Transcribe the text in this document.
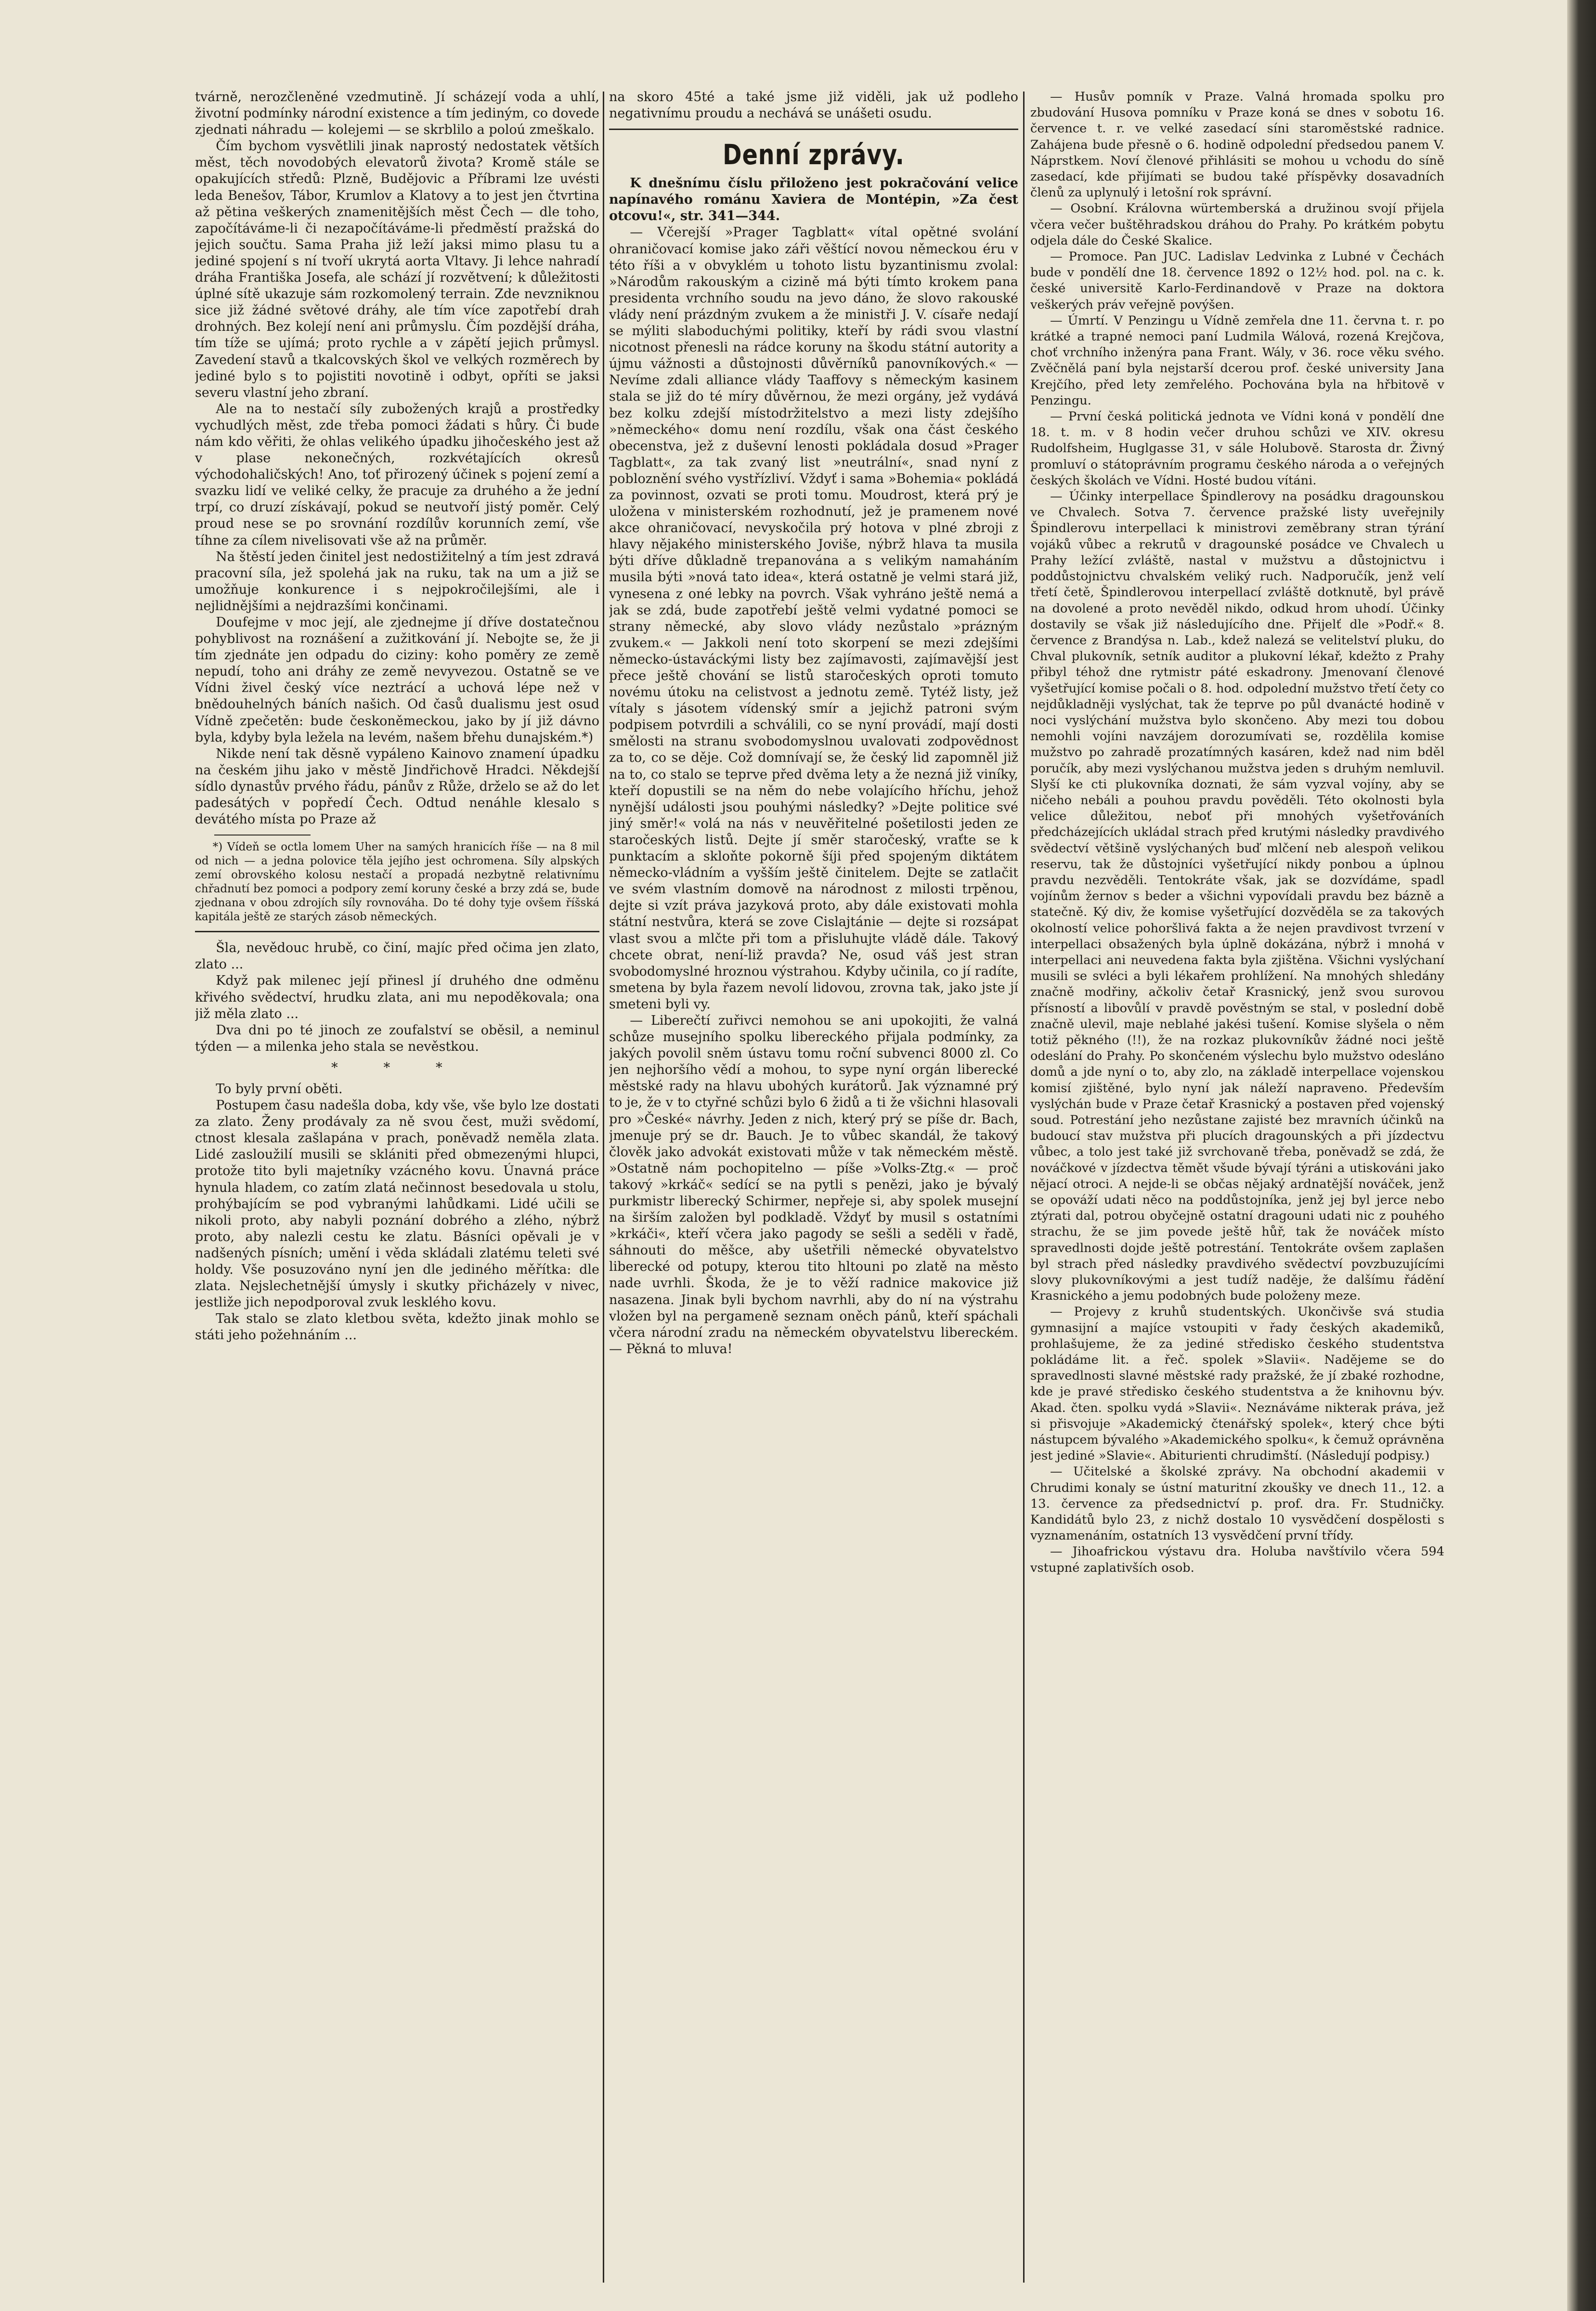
tvárně, nerozčleněné vzedmutině. Jí scházejí voda a uhlí, životní podmínky národní existence a tím jediným, co dovede zjednati náhradu — kolejemi — se skrblilo a poloú zmeškalo.

Čím bychom vysvětlili jinak naprostý nedostatek větších měst, těch novodobých elevatorů života? Kromě stále se opakujících středů: Plzně, Budějovic a Příbrami lze uvésti leda Benešov, Tábor, Krumlov a Klatovy a to jest jen čtvrtina až pětina veškerých znamenitějších měst Čech — dle toho, započítáváme-li či nezapočítáváme-li předměstí pražská do jejich součtu. Sama Praha již leží jaksi mimo plasu tu a jediné spojení s ní tvoří ukrytá aorta Vltavy. Ji lehce nahradí dráha Františka Josefa, ale schází jí rozvětvení; k důležitosti úplné sítě ukazuje sám rozkomolený terrain. Zde nevzniknou sice již žádné světové dráhy, ale tím více zapotřebí drah drohných. Bez kolejí není ani průmyslu. Čím pozdější dráha, tím tíže se ujímá; proto rychle a v zápětí jejich průmysl. Zavedení stavů a tkalcovských škol ve velkých rozměrech by jediné bylo s to pojistiti novotině i odbyt, opříti se jaksi severu vlastní jeho zbraní.

Ale na to nestačí síly zubožených krajů a prostředky vychudlých měst, zde třeba pomoci žádati s hůry. Či bude nám kdo věřiti, že ohlas velikého úpadku jihočeského jest až v plase nekonečných, rozkvétajících okresů východohaličských! Ano, toť přirozený účinek s pojení zemí a svazku lidí ve veliké celky, že pracuje za druhého a že jední trpí, co druzí získávají, pokud se neutvoří jistý poměr. Celý proud nese se po srovnání rozdílův korunních zemí, vše tíhne za cílem nivelisovati vše až na průměr.

Na štěstí jeden činitel jest nedostižitelný a tím jest zdravá pracovní síla, jež spolehá jak na ruku, tak na um a již se umožňuje konkurence i s nejpokročilejšími, ale i nejlidnějšími a nejdrazšími končinami.

Doufejme v moc její, ale zjednejme jí dříve dostatečnou pohyblivost na roznášení a zužitkování jí. Nebojte se, že ji tím zjednáte jen odpadu do ciziny: koho poměry ze země nepudí, toho ani dráhy ze země nevyvezou. Ostatně se ve Vídni živel český více neztrácí a uchová lépe než v bnědouhelných báních našich. Od časů dualismu jest osud Vídně zpečetěn: bude českoněmeckou, jako by jí již dávno byla, kdyby byla ležela na levém, našem břehu dunajském.*)

Nikde není tak děsně vypáleno Kainovo znamení úpadku na českém jihu jako v městě Jindřichově Hradci. Někdejší sídlo dynastův prvého řádu, pánův z Růže, drželo se až do let padesátých v popředí Čech. Odtud nenáhle klesalo s devátého místa po Praze až

*) Vídeň se octla lomem Uher na samých hranicích říše — na 8 mil od nich — a jedna polovice těla jejího jest ochromena. Síly alpských zemí obrovského kolosu nestačí a propadá nezbytně relativnímu chřadnutí bez pomoci a podpory zemí koruny české a brzy zdá se, bude zjednana v obou zdrojích síly rovnováha. Do té dohy tyje ovšem říšská kapitála ještě ze starých zásob německých.

Šla, nevědouc hrubě, co činí, majíc před očima jen zlato, zlato ...

Když pak milenec její přinesl jí druhého dne odměnu křivého svědectví, hrudku zlata, ani mu nepoděkovala; ona již měla zlato ...

Dva dni po té jinoch ze zoufalství se oběsil, a neminul týden — a milenka jeho stala se nevěstkou.

* * *

To byly první oběti.

Postupem času nadešla doba, kdy vše, vše bylo lze dostati za zlato. Ženy prodávaly za ně svou čest, muži svědomí, ctnost klesala zašlapána v prach, poněvadž neměla zlata. Lidé zasloužilí musili se sklániti před obmezenými hlupci, protože tito byli majetníky vzácného kovu. Únavná práce hynula hladem, co zatím zlatá nečinnost besedovala u stolu, prohýbajícím se pod vybranými lahůdkami. Lidé učili se nikoli proto, aby nabyli poznání dobrého a zlého, nýbrž proto, aby nalezli cestu ke zlatu. Básníci opěvali je v nadšených písních; umění i věda skládali zlatému teleti své holdy. Vše posuzováno nyní jen dle jediného měřítka: dle zlata. Nejslechetnější úmysly i skutky přicházely v nivec, jestliže jich nepodporoval zvuk lesklého kovu.

Tak stalo se zlato kletbou světa, kdežto jinak mohlo se státi jeho požehnáním ...

na skoro 45té a také jsme již viděli, jak už podleho negativnímu proudu a nechává se unášeti osudu.

Denní zprávy.

K dnešnímu číslu přiloženo jest pokračování velice napínavého románu Xaviera de Montépin, »Za čest otcovu!«, str. 341—344.

— Včerejší »Prager Tagblatt« vítal opětné svolání ohraničovací komise jako záři věštící novou německou éru v této říši a v obvyklém u tohoto listu byzantinismu zvolal: »Národům rakouským a cizině má býti tímto krokem pana presidenta vrchního soudu na jevo dáno, že slovo rakouské vlády není prázdným zvukem a že ministři J. V. císaře nedají se mýliti slaboduchými politiky, kteří by rádi svou vlastní nicotnost přenesli na rádce koruny na škodu státní autority a újmu vážnosti a důstojnosti důvěrníků panovníkových.« — Nevíme zdali alliance vlády Taaffovy s německým kasinem stala se již do té míry důvěrnou, že mezi orgány, jež vydává bez kolku zdejší místodržitelstvo a mezi listy zdejšího »německého« domu není rozdílu, však ona část českého obecenstva, jež z duševní lenosti pokládala dosud »Prager Tagblatt«, za tak zvaný list »neutrální«, snad nyní z pobloznění svého vystřízliví. Vždyť i sama »Bohemia« pokládá za povinnost, ozvati se proti tomu. Moudrost, která prý je uložena v ministerském rozhodnutí, jež je pramenem nové akce ohraničovací, nevyskočila prý hotova v plné zbroji z hlavy nějakého ministerského Joviše, nýbrž hlava ta musila býti dříve důkladně trepanována a s velikým namaháním musila býti »nová tato idea«, která ostatně je velmi stará již, vynesena z oné lebky na povrch. Však vyhráno ještě nemá a jak se zdá, bude zapotřebí ještě velmi vydatné pomoci se strany německé, aby slovo vlády nezůstalo »prázným zvukem.« — Jakkoli není toto skorpení se mezi zdejšími německo-ústaváckými listy bez zajímavosti, zajímavější jest přece ještě chování se listů staročeských oproti tomuto novému útoku na celistvost a jednotu země. Tytéž listy, jež vítaly s jásotem vídenský smír a jejichž patroni svým podpisem potvrdili a schválili, co se nyní provádí, mají dosti smělosti na stranu svobodomyslnou uvalovati zodpovědnost za to, co se děje. Což domnívají se, že český lid zapomněl již na to, co stalo se teprve před dvěma lety a že nezná již viníky, kteří dopustili se na něm do nebe volajícího hříchu, jehož nynější události jsou pouhými následky? »Dejte politice své jiný směr!« volá na nás v neuvěřitelné pošetilosti jeden ze staročeských listů. Dejte jí směr staročeský, vraťte se k punktacím a skloňte pokorně šíji před spojeným diktátem německo-vládním a vyšším ještě činitelem. Dejte se zatlačit ve svém vlastním domově na národnost z milosti trpěnou, dejte si vzít práva jazyková proto, aby dále existovati mohla státní nestvůra, která se zove Cislajtánie — dejte si rozsápat vlast svou a mlčte při tom a přisluhujte vládě dále. Takový chcete obrat, není-liž pravda? Ne, osud váš jest stran svobodomyslné hroznou výstrahou. Kdyby učinila, co jí radíte, smetena by byla řazem nevolí lidovou, zrovna tak, jako jste jí smeteni byli vy.

— Liberečtí zuřivci nemohou se ani upokojiti, že valná schůze musejního spolku libereckého přijala podmínky, za jakých povolil sněm ústavu tomu roční subvenci 8000 zl. Co jen nejhoršího vědí a mohou, to sype nyní orgán liberecké městské rady na hlavu ubohých kurátorů. Jak významné prý to je, že v to ctyřné schůzi bylo 6 židů a ti že všichni hlasovali pro »České« návrhy. Jeden z nich, který prý se píše dr. Bach, jmenuje prý se dr. Bauch. Je to vůbec skandál, že takový člověk jako advokát existovati může v tak německém městě. »Ostatně nám pochopitelno — píše »Volks-Ztg.« — proč takový »krkáč« sedící se na pytli s penězi, jako je bývalý purkmistr liberecký Schirmer, nepřeje si, aby spolek musejní na širším založen byl podkladě. Vždyť by musil s ostatními »krkáči«, kteří včera jako pagody se sešli a seděli v řadě, sáhnouti do měšce, aby ušetřili německé obyvatelstvo liberecké od potupy, kterou tito hltouni po zlatě na město nade uvrhli. Škoda, že je to věží radnice makovice již nasazena. Jinak byli bychom navrhli, aby do ní na výstrahu vložen byl na pergameně seznam oněch pánů, kteří spáchali včera národní zradu na německém obyvatelstvu libereckém. — Pěkná to mluva!

— Husův pomník v Praze. Valná hromada spolku pro zbudování Husova pomníku v Praze koná se dnes v sobotu 16. července t. r. ve velké zasedací síni staroměstské radnice. Zahájena bude přesně o 6. hodině odpolední předsedou panem V. Náprstkem. Noví členové přihlásiti se mohou u vchodu do síně zasedací, kde přijímati se budou také příspěvky dosavadních členů za uplynulý i letošní rok správní.

— Osobní. Královna würtemberská a družinou svojí přijela včera večer buštěhradskou dráhou do Prahy. Po krátkém pobytu odjela dále do České Skalice.

— Promoce. Pan JUC. Ladislav Ledvinka z Lubné v Čechách bude v pondělí dne 18. července 1892 o 12½ hod. pol. na c. k. české universitě Karlo-Ferdinandově v Praze na doktora veškerých práv veřejně povýšen.

— Úmrtí. V Penzingu u Vídně zemřela dne 11. června t. r. po krátké a trapné nemoci paní Ludmila Wálová, rozená Krejčova, choť vrchního inženýra pana Frant. Wály, v 36. roce věku svého. Zvěčnělá paní byla nejstarší dcerou prof. české university Jana Krejčího, před lety zemřelého. Pochována byla na hřbitově v Penzingu.

— První česká politická jednota ve Vídni koná v pondělí dne 18. t. m. v 8 hodin večer druhou schůzi ve XIV. okresu Rudolfsheim, Huglgasse 31, v sále Holubově. Starosta dr. Živný promluví o státoprávním programu českého národa a o veřejných českých školách ve Vídni. Hosté budou vítáni.

— Účinky interpellace Špindlerovy na posádku dragounskou ve Chvalech. Sotva 7. července pražské listy uveřejnily Špindlerovu interpellaci k ministrovi zeměbrany stran týrání vojáků vůbec a rekrutů v dragounské posádce ve Chvalech u Prahy ležící zvláště, nastal v mužstvu a důstojnictvu i poddůstojnictvu chvalském veliký ruch. Nadporučík, jenž velí třetí četě, Špindlerovou interpellací zvláště dotknutě, byl právě na dovolené a proto nevěděl nikdo, odkud hrom uhodí. Účinky dostavily se však již následujícího dne. Přijelť dle »Podř.« 8. července z Brandýsa n. Lab., kdež nalezá se velitelství pluku, do Chval plukovník, setník auditor a plukovní lékař, kdežto z Prahy přibyl téhož dne rytmistr páté eskadrony. Jmenovaní členové vyšetřující komise počali o 8. hod. odpolední mužstvo třetí čety co nejdůkladněji vyslýchat, tak že teprve po půl dvanácté hodině v noci vyslýchání mužstva bylo skončeno. Aby mezi tou dobou nemohli vojíni navzájem dorozumívati se, rozdělila komise mužstvo po zahradě prozatímných kasáren, kdež nad nim bděl poručík, aby mezi vyslýchanou mužstva jeden s druhým nemluvil. Slyší ke cti plukovníka doznati, že sám vyzval vojíny, aby se ničeho nebáli a pouhou pravdu pověděli. Této okolnosti byla velice důležitou, neboť při mnohých vyšetřováních předcházejících ukládal strach před krutými následky pravdivého svědectví většině vyslýchaných buď mlčení neb alespoň velikou reservu, tak že důstojníci vyšetřující nikdy ponbou a úplnou pravdu nezvěděli. Tentokráte však, jak se dozvídáme, spadl vojínům žernov s beder a všichni vypovídali pravdu bez bázně a statečně. Ký div, že komise vyšetřující dozvěděla se za takových okolností velice pohoršlivá fakta a že nejen pravdivost tvrzení v interpellaci obsažených byla úplně dokázána, nýbrž i mnohá v interpellaci ani neuvedena fakta byla zjištěna. Všichni vyslýchaní musili se svléci a byli lékařem prohlížení. Na mnohých shledány značně modřiny, ačkoliv četař Krasnický, jenž svou surovou přísností a libovůlí v pravdě pověstným se stal, v poslední době značně ulevil, maje neblahé jakési tušení. Komise slyšela o něm totiž pěkného (!!), že na rozkaz plukovníkův žádné noci ještě odeslání do Prahy. Po skončeném výslechu bylo mužstvo odesláno domů a jde nyní o to, aby zlo, na základě interpellace vojenskou komisí zjištěné, bylo nyní jak náleží napraveno. Především vyslýchán bude v Praze četař Krasnický a postaven před vojenský soud. Potrestání jeho nezůstane zajisté bez mravních účinků na budoucí stav mužstva při plucích dragounských a při jízdectvu vůbec, a tolo jest také již svrchovaně třeba, poněvadž se zdá, že nováčkové v jízdectva těmět všude bývají týráni a utiskováni jako nějací otroci. A nejde-li se občas nějaký ardnatější nováček, jenž se opováží udati něco na poddůstojníka, jenž jej byl jerce nebo ztýrati dal, potrou obyčejně ostatní dragouni udati nic z pouhého strachu, že se jim povede ještě hůř, tak že nováček místo spravedlnosti dojde ještě potrestání. Tentokráte ovšem zaplašen byl strach před následky pravdivého svědectví povzbuzujícími slovy plukovníkovými a jest tudíž naděje, že dalšímu řádění Krasnického a jemu podobných bude položeny meze.

— Projevy z kruhů studentských. Ukončivše svá studia gymnasijní a majíce vstoupiti v řady českých akademiků, prohlašujeme, že za jediné středisko českého studentstva pokládáme lit. a řeč. spolek »Slavii«. Nadějeme se do spravedlnosti slavné městské rady pražské, že jí zbaké rozhodne, kde je pravé středisko českého studentstva a že knihovnu býv. Akad. čten. spolku vydá »Slavii«. Neznáváme nikterak práva, jež si přisvojuje »Akademický čtenářský spolek«, který chce býti nástupcem bývalého »Akademického spolku«, k čemuž oprávněna jest jediné »Slavie«. Abiturienti chrudimští. (Následují podpisy.)

— Učitelské a školské zprávy. Na obchodní akademii v Chrudimi konaly se ústní maturitní zkoušky ve dnech 11., 12. a 13. července za předsednictví p. prof. dra. Fr. Studničky. Kandidátů bylo 23, z nichž dostalo 10 vysvědčení dospělosti s vyznamenáním, ostatních 13 vysvědčení první třídy.

— Jihoafrickou výstavu dra. Holuba navštívilo včera 594 vstupné zaplativších osob.
